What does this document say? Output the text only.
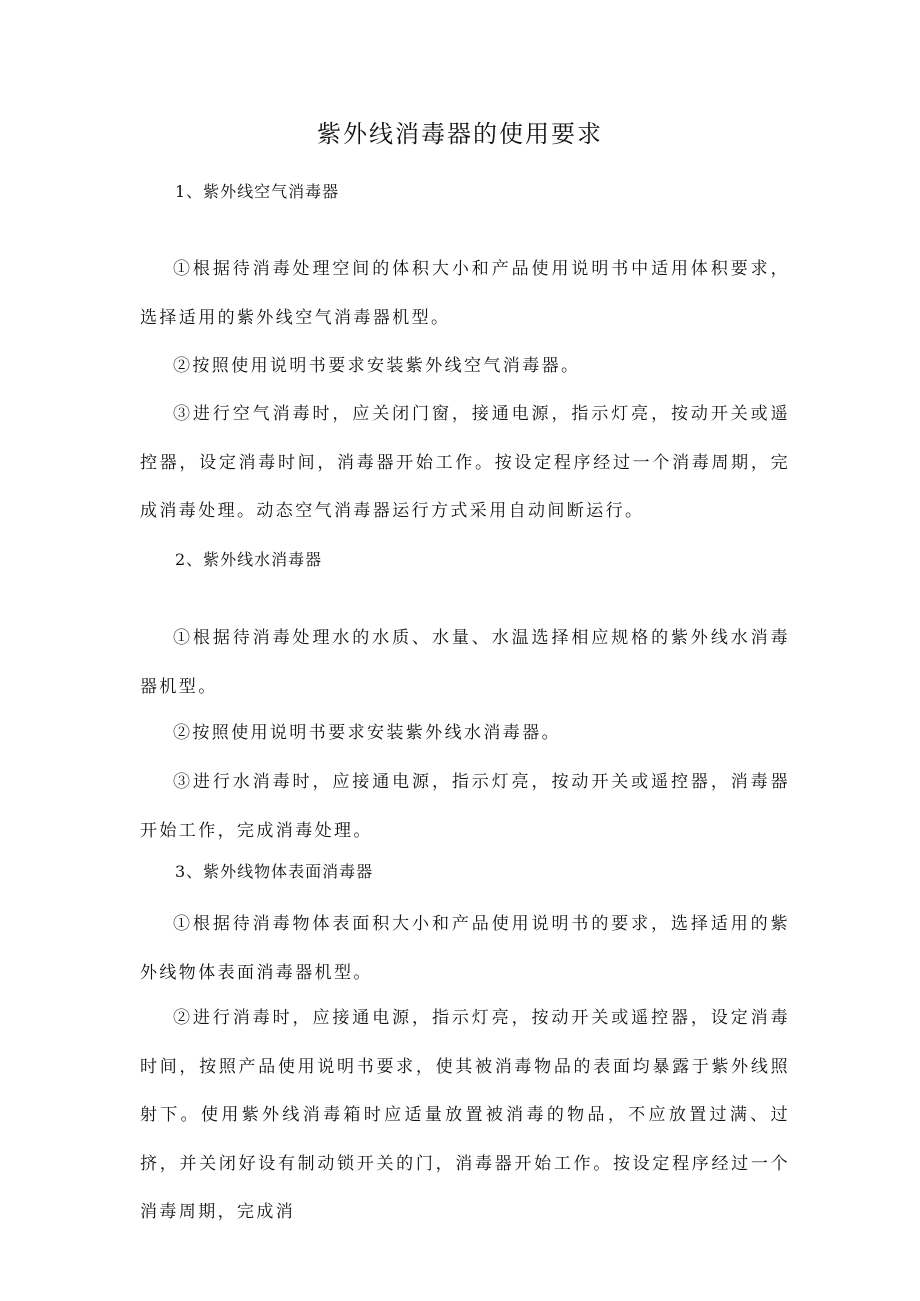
紫外线消毒器的使用要求
1、紫外线空气消毒器
①根据待消毒处理空间的体积大小和产品使用说明书中适用体积要求，选择适用的紫外线空气消毒器机型。
②按照使用说明书要求安装紫外线空气消毒器。
③进行空气消毒时，应关闭门窗，接通电源，指示灯亮，按动开关或遥控器，设定消毒时间，消毒器开始工作。按设定程序经过一个消毒周期，完成消毒处理。动态空气消毒器运行方式采用自动间断运行。
2、紫外线水消毒器
①根据待消毒处理水的水质、水量、水温选择相应规格的紫外线水消毒器机型。
②按照使用说明书要求安装紫外线水消毒器。
③进行水消毒时，应接通电源，指示灯亮，按动开关或遥控器，消毒器开始工作，完成消毒处理。
3、紫外线物体表面消毒器
①根据待消毒物体表面积大小和产品使用说明书的要求，选择适用的紫外线物体表面消毒器机型。
②进行消毒时，应接通电源，指示灯亮，按动开关或遥控器，设定消毒时间，按照产品使用说明书要求，使其被消毒物品的表面均暴露于紫外线照射下。使用紫外线消毒箱时应适量放置被消毒的物品，不应放置过满、过挤，并关闭好设有制动锁开关的门，消毒器开始工作。按设定程序经过一个消毒周期，完成消
